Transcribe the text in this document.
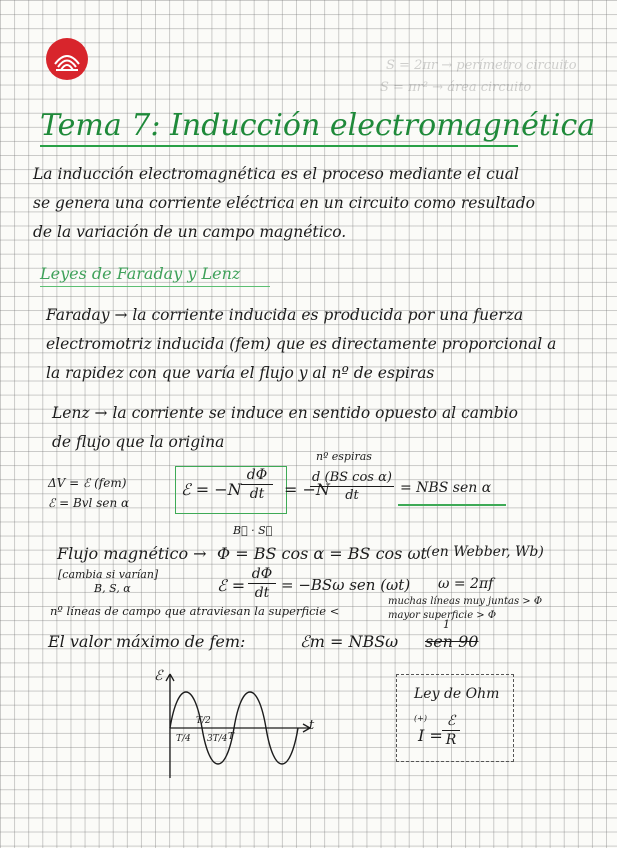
S = 2πr → perímetro circuito
S = πr² → área circuito
Tema 7: Inducción electromagnética
La inducción electromagnética es el proceso mediante el cual
se genera una corriente eléctrica en un circuito como resultado
de la variación de un campo magnético.
Leyes de Faraday y Lenz
Faraday → la corriente inducida es producida por una fuerza
electromotriz inducida (fem) que es directamente proporcional a
la rapidez con que varía el flujo y al nº de espiras
Lenz → la corriente se induce en sentido opuesto al cambio
de flujo que la origina
ΔV = ℰ (fem)
ℰ = Bvl sen α
ℰ = −N
dΦ
dt	= −N
nº espiras
d (BS cos α)
dt	= NBS sen α
B⃗ · S⃗
Flujo magnético → Φ = BS cos α = BS cos ωt (en Webber, Wb)
[cambia si varían]
B, S, α	ℰ =
dΦ
dt = −BSω sen (ωt) ω = 2πf
nº líneas de campo que atraviesan la superficie <
muchas líneas muy juntas > Φ
mayor superficie > Φ
El valor máximo de fem:	ℰm = NBSω sen 90
1
ℰ
t
T/4
T/2
3T/4 T
Ley de Ohm
(+)
I =
ℰ
R
